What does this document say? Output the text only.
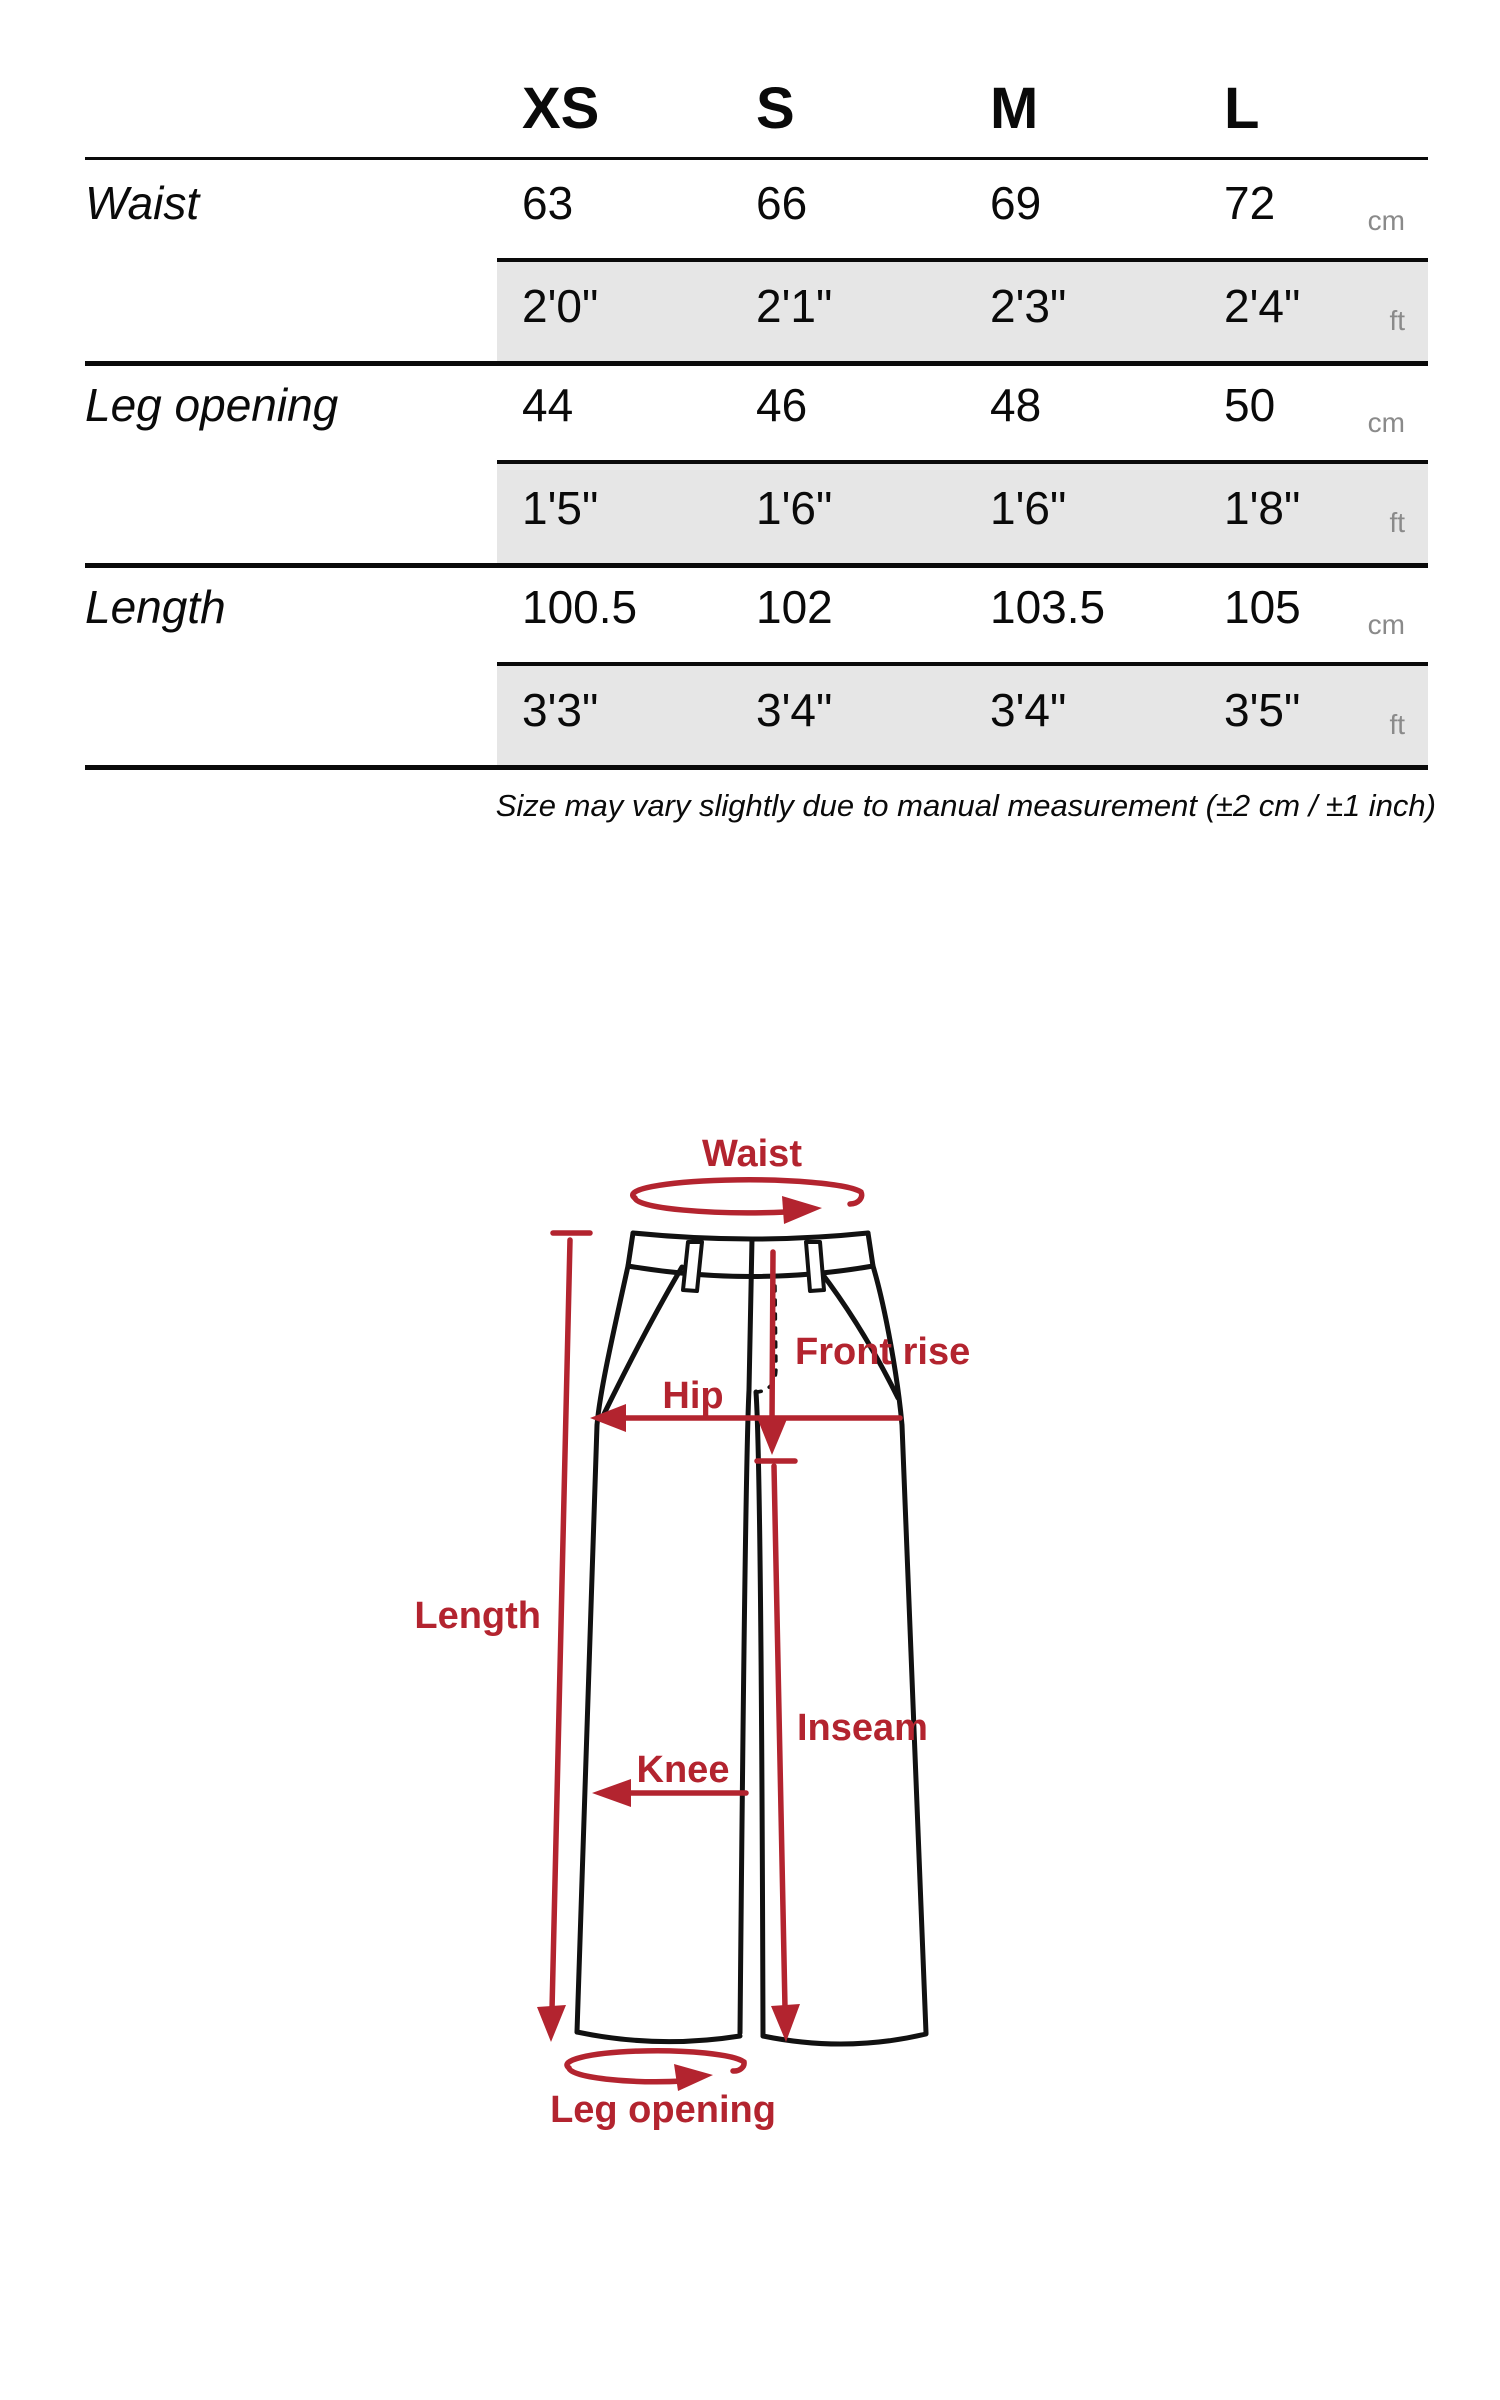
XS	S	M	L
Waist	63	66	69	72	cm
2'0"	2'1"	2'3"	2'4"	ft
Leg opening	44	46	48	50	cm
1'5"	1'6"	1'6"	1'8"	ft
Length	100.5	102	103.5	105	cm
3'3"	3'4"	3'4"	3'5"	ft
Size may vary slightly due to manual measurement (±2 cm / ±1 inch)
Waist
Length
Hip
Front rise
Inseam
Knee
Leg opening
